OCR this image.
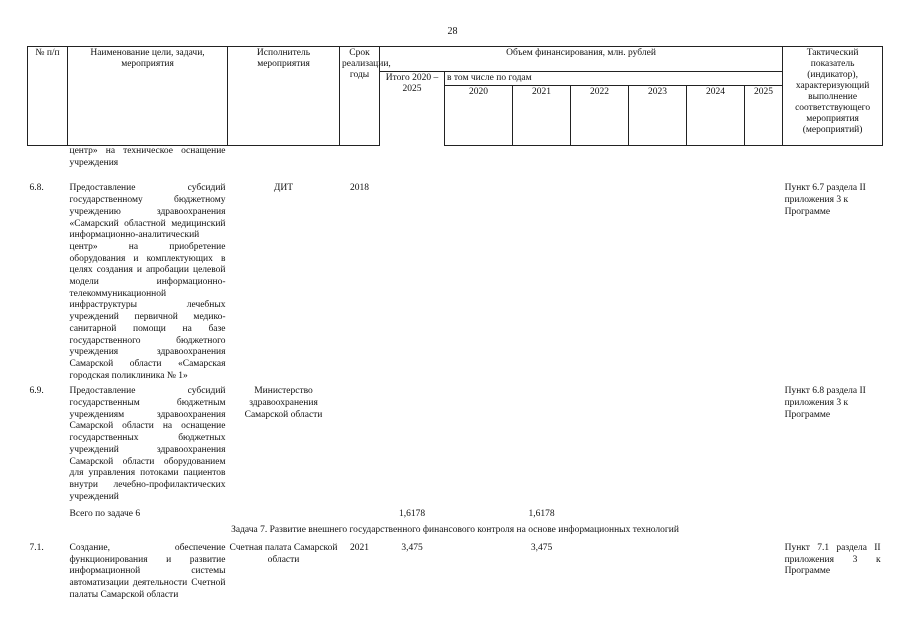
28
№ п/п	Наименование цели, задачи, мероприятия	Исполнитель мероприятия	Срок реализации, годы	Объем финансирования, млн. рублей							Тактический показатель (индикатор), характеризующий выполнение соответствующего мероприятия (мероприятий)
				Итого 2020 – 2025	в том числе по годам						
					2020	2021	2022	2023	2024	2025	
	центр» на техническое оснащение учреждения										

6.8.	Предоставление субсидий государственному бюджетному учреждению здравоохранения «Самарский областной медицинский информационно-аналитический центр» на приобретение оборудования и комплектующих в целях создания и апробации целевой модели информационно-телекоммуникационной инфраструктуры лечебных учреждений первичной медико-санитарной помощи на базе государственного бюджетного учреждения здравоохранения Самарской области «Самарская городская поликлиника № 1»	ДИТ	2018								Пункт 6.7 раздела II приложения 3 к Программе

6.9.	Предоставление субсидий государственным бюджетным учреждениям здравоохранения Самарской области на оснащение государственных бюджетных учреждений здравоохранения Самарской области оборудованием для управления потоками пациентов внутри лечебно-профилактических учреждений	Министерство здравоохранения Самарской области									Пункт 6.8 раздела II приложения 3 к Программе
	Всего по задаче 6			1,6178		1,6178					
Задача 7. Развитие внешнего государственного финансового контроля на основе информационных технологий											
7.1.	Создание, обеспечение функционирования и развитие информационной системы автоматизации деятельности Счетной палаты Самарской области	Счетная палата Самарской области	2021	3,475		3,475					Пункт 7.1 раздела II приложения 3 к Программе
